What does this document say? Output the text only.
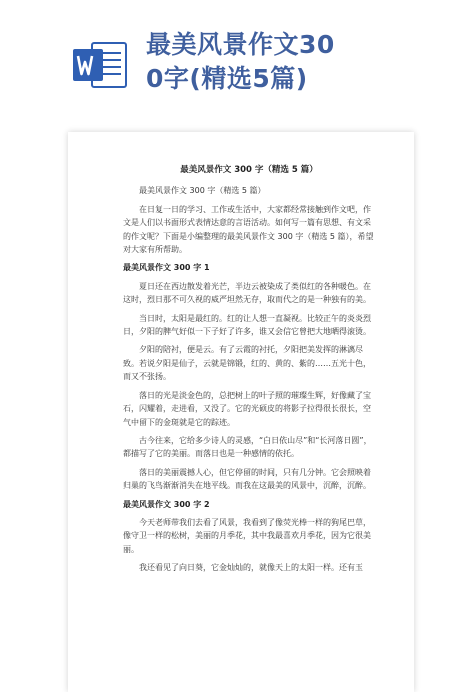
最美风景作文30
0字(精选5篇)
最美风景作文 300 字（精选 5 篇）

最美风景作文 300 字（精选 5 篇）

在日复一日的学习、工作或生活中，大家都经常接触到作文吧，作文是人们以书面形式表情达意的言语活动。如何写一篇有思想、有文采的作文呢？下面是小编整理的最美风景作文 300 字（精选 5 篇），希望对大家有所帮助。

最美风景作文 300 字 1

夏日还在西边散发着光芒，半边云被染成了类似红的各种暖色。在这时，烈日那不可久视的威严坦然无存，取而代之的是一种独有的美。

当日时，太阳是最红的。红的让人想一直凝视。比较正午的炎炎烈日，夕阳的脾气好似一下子好了许多，谁又会信它曾把大地晒得滚烫。

夕阳的陪衬，便是云。有了云霞的衬托，夕阳把美发挥的淋漓尽致。若说夕阳是仙子，云就是锦锻，红的、黄的、紫的……五光十色，而又不张扬。

落日的光是淡金色的，总把树上的叶子照的璀璨生辉，好像藏了宝石，闪耀着，走进看，又没了。它的光硕皮的将影子拉得很长很长，空气中留下的金斑就是它的踪迹。

古今往来，它给多少诗人的灵感，“白日依山尽”和“长河落日圆”，都描写了它的美丽。而落日也是一种感情的依托。

落日的美丽震撼人心，但它停留的时间，只有几分钟。它会照映着归巢的飞鸟渐渐消失在地平线。而我在这最美的风景中，沉醉，沉醉。

最美风景作文 300 字 2

今天老师带我们去看了风景，我看到了像荧光棒一样的狗尾巴草，像守卫一样的松树，美丽的月季花，其中我最喜欢月季花，因为它很美丽。

我还看见了向日葵，它金灿灿的，就像天上的太阳一样。还有玉
